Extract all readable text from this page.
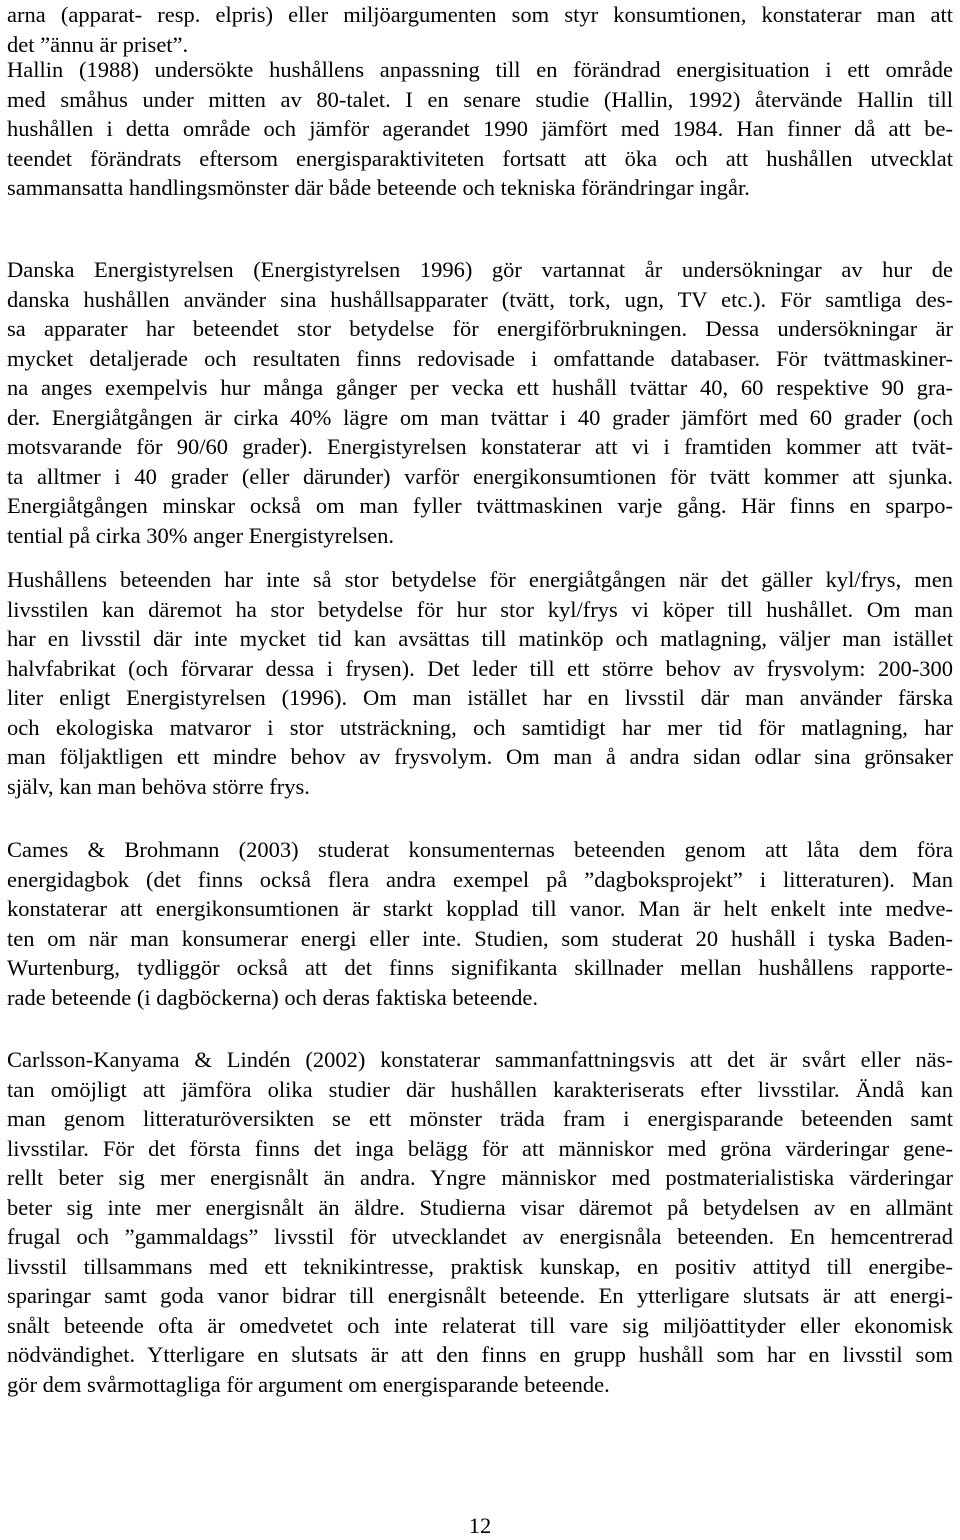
arna (apparat- resp. elpris) eller miljöargumenten som styr konsumtionen, konstaterar man att
det ”ännu är priset”.
Hallin (1988) undersökte hushållens anpassning till en förändrad energisituation i ett område
med småhus under mitten av 80-talet. I en senare studie (Hallin, 1992) återvände Hallin till
hushållen i detta område och jämför agerandet 1990 jämfört med 1984. Han finner då att be-
teendet förändrats eftersom energisparaktiviteten fortsatt att öka och att hushållen utvecklat
sammansatta handlingsmönster där både beteende och tekniska förändringar ingår.
Danska Energistyrelsen (Energistyrelsen 1996) gör vartannat år undersökningar av hur de
danska hushållen använder sina hushållsapparater (tvätt, tork, ugn, TV etc.). För samtliga des-
sa apparater har beteendet stor betydelse för energiförbrukningen. Dessa undersökningar är
mycket detaljerade och resultaten finns redovisade i omfattande databaser. För tvättmaskiner-
na anges exempelvis hur många gånger per vecka ett hushåll tvättar 40, 60 respektive 90 gra-
der. Energiåtgången är cirka 40% lägre om man tvättar i 40 grader jämfört med 60 grader (och
motsvarande för 90/60 grader). Energistyrelsen konstaterar att vi i framtiden kommer att tvät-
ta alltmer i 40 grader (eller därunder) varför energikonsumtionen för tvätt kommer att sjunka.
Energiåtgången minskar också om man fyller tvättmaskinen varje gång. Här finns en sparpo-
tential på cirka 30% anger Energistyrelsen.
Hushållens beteenden har inte så stor betydelse för energiåtgången när det gäller kyl/frys, men
livsstilen kan däremot ha stor betydelse för hur stor kyl/frys vi köper till hushållet. Om man
har en livsstil där inte mycket tid kan avsättas till matinköp och matlagning, väljer man istället
halvfabrikat (och förvarar dessa i frysen). Det leder till ett större behov av frysvolym: 200-300
liter enligt Energistyrelsen (1996). Om man istället har en livsstil där man använder färska
och ekologiska matvaror i stor utsträckning, och samtidigt har mer tid för matlagning, har
man följaktligen ett mindre behov av frysvolym. Om man å andra sidan odlar sina grönsaker
själv, kan man behöva större frys.
Cames & Brohmann (2003) studerat konsumenternas beteenden genom att låta dem föra
energidagbok (det finns också flera andra exempel på ”dagboksprojekt” i litteraturen). Man
konstaterar att energikonsumtionen är starkt kopplad till vanor. Man är helt enkelt inte medve-
ten om när man konsumerar energi eller inte. Studien, som studerat 20 hushåll i tyska Baden-
Wurtenburg, tydliggör också att det finns signifikanta skillnader mellan hushållens rapporte-
rade beteende (i dagböckerna) och deras faktiska beteende.
Carlsson-Kanyama & Lindén (2002) konstaterar sammanfattningsvis att det är svårt eller näs-
tan omöjligt att jämföra olika studier där hushållen karakteriserats efter livsstilar. Ändå kan
man genom litteraturöversikten se ett mönster träda fram i energisparande beteenden samt
livsstilar. För det första finns det inga belägg för att människor med gröna värderingar gene-
rellt beter sig mer energisnålt än andra. Yngre människor med postmaterialistiska värderingar
beter sig inte mer energisnålt än äldre. Studierna visar däremot på betydelsen av en allmänt
frugal och ”gammaldags” livsstil för utvecklandet av energisnåla beteenden. En hemcentrerad
livsstil tillsammans med ett teknikintresse, praktisk kunskap, en positiv attityd till energibe-
sparingar samt goda vanor bidrar till energisnålt beteende. En ytterligare slutsats är att energi-
snålt beteende ofta är omedvetet och inte relaterat till vare sig miljöattityder eller ekonomisk
nödvändighet. Ytterligare en slutsats är att den finns en grupp hushåll som har en livsstil som
gör dem svårmottagliga för argument om energisparande beteende.
12
